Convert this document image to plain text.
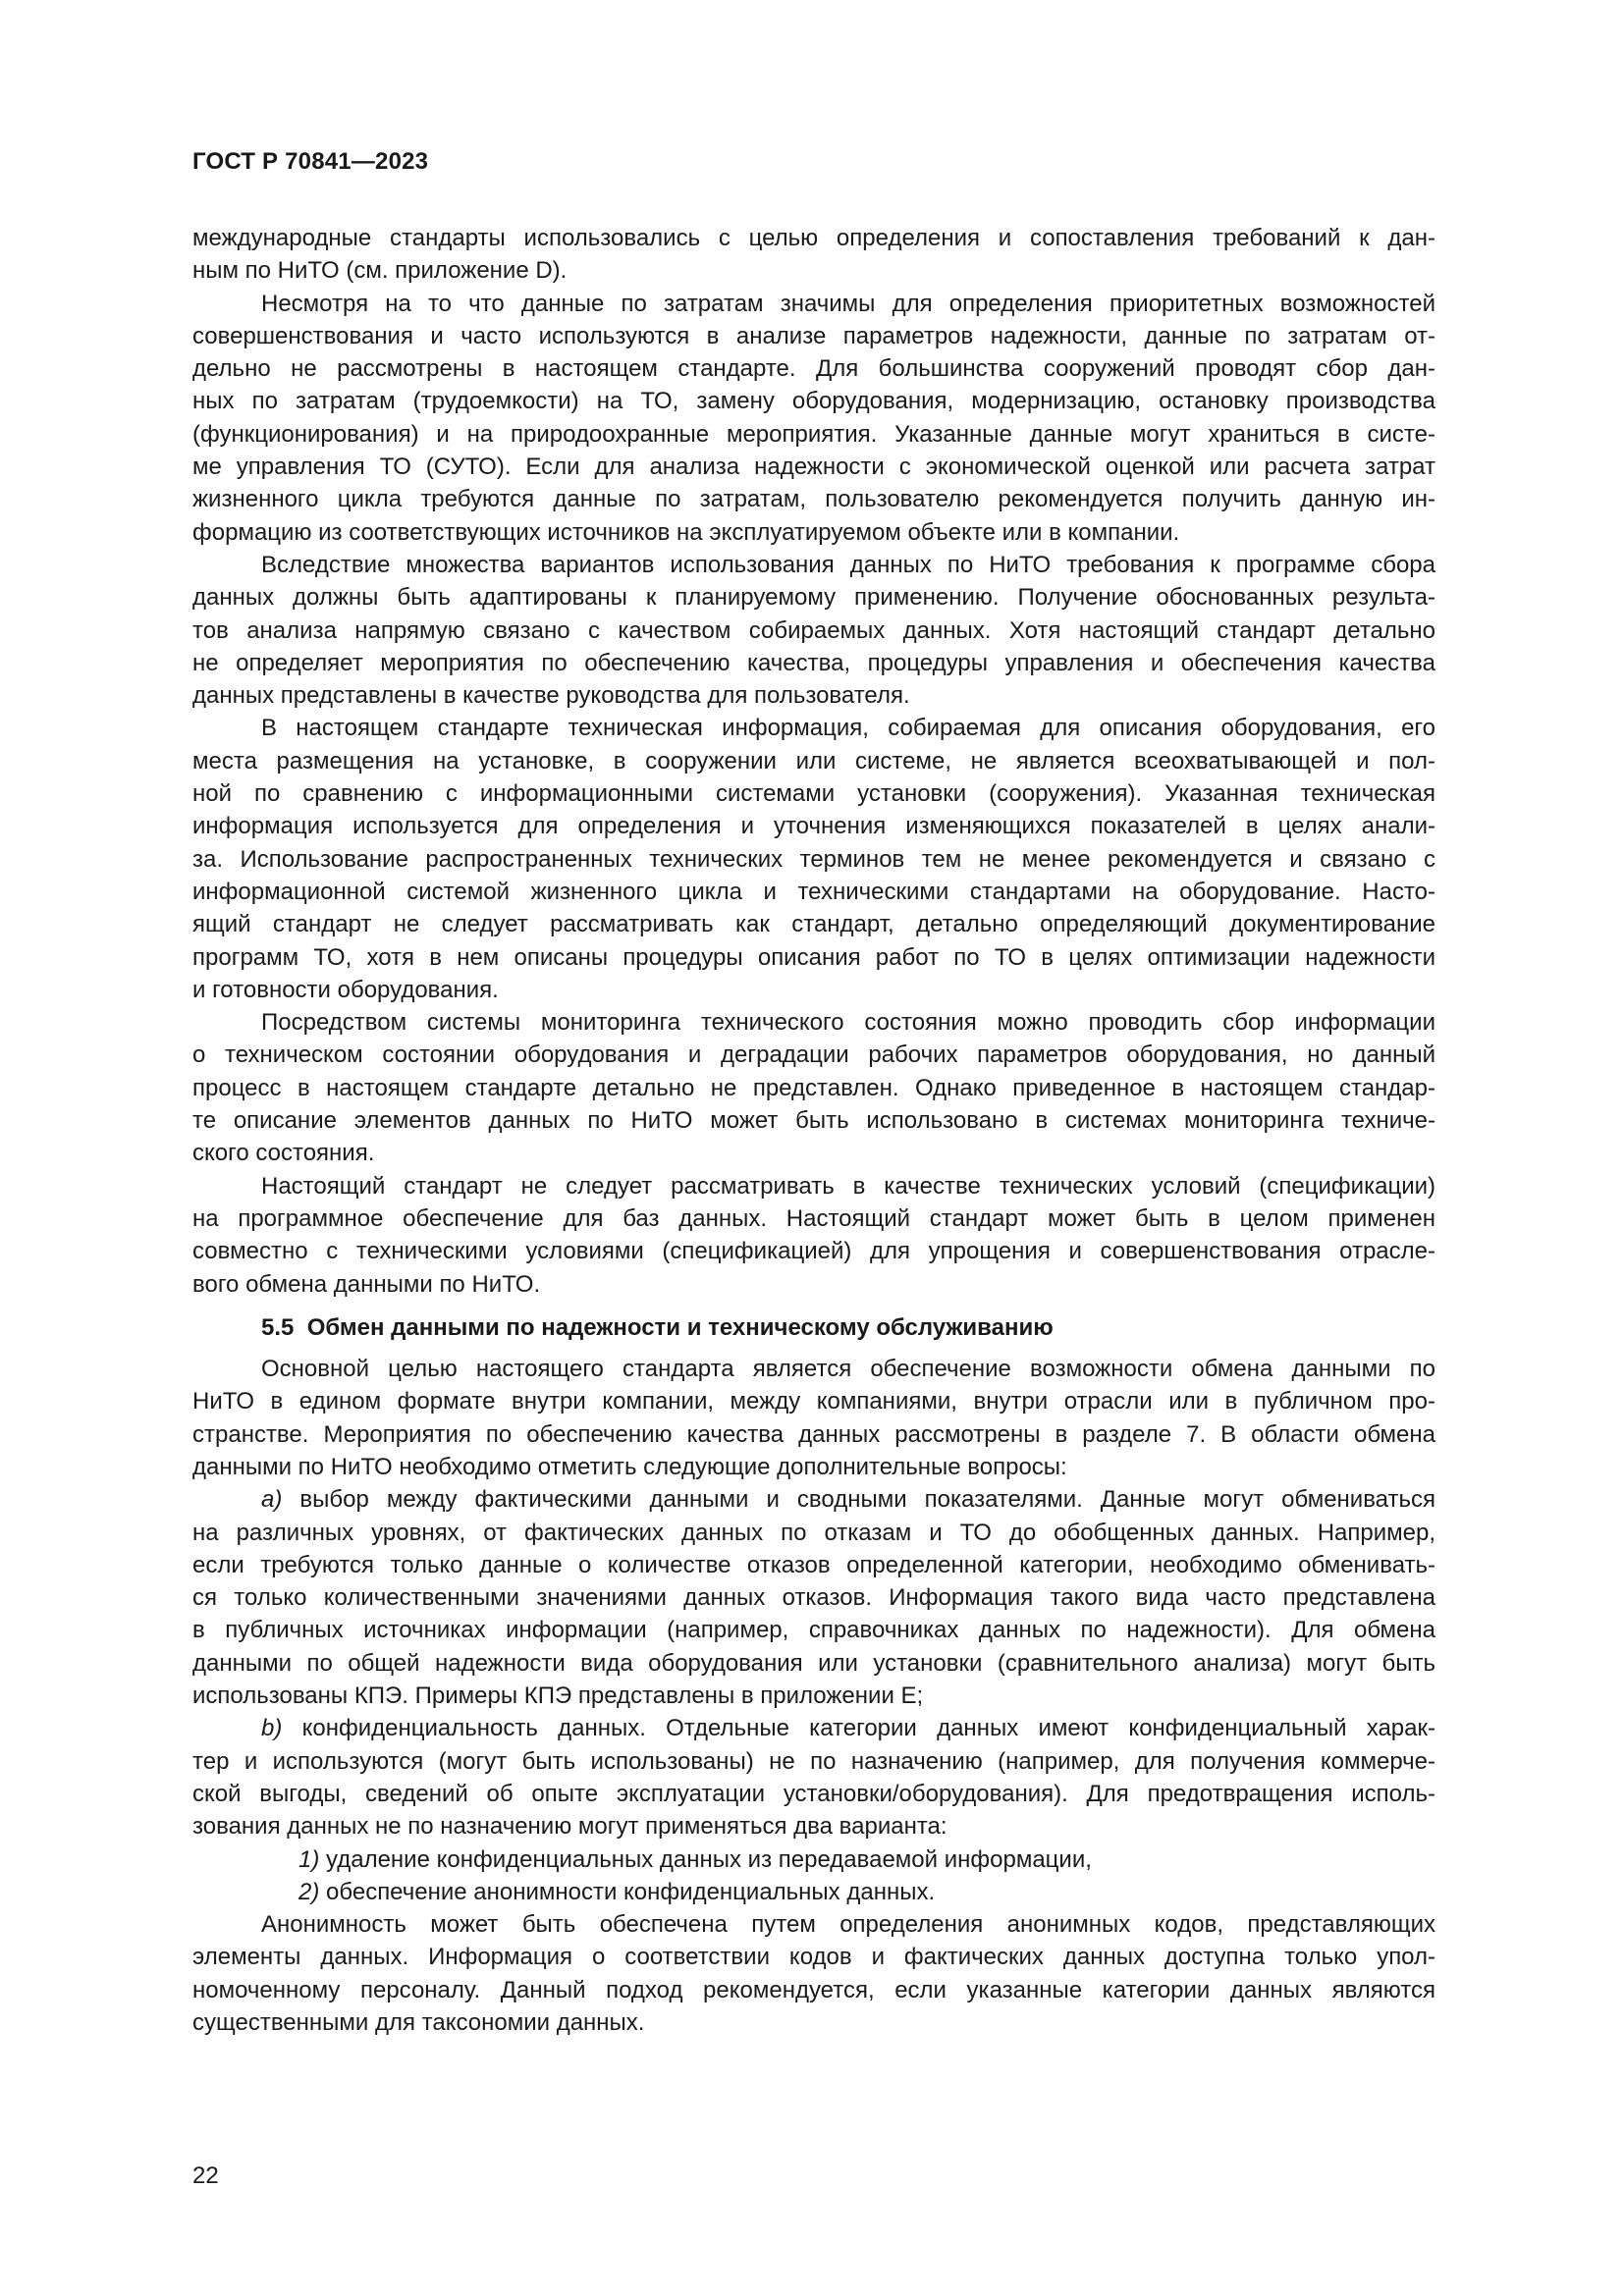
ГОСТ Р 70841—2023
международные стандарты использовались с целью определения и сопоставления требований к дан-
ным по НиТО (см. приложение D).
Несмотря на то что данные по затратам значимы для определения приоритетных возможностей
совершенствования и часто используются в анализе параметров надежности, данные по затратам от-
дельно не рассмотрены в настоящем стандарте. Для большинства сооружений проводят сбор дан-
ных по затратам (трудоемкости) на ТО, замену оборудования, модернизацию, остановку производства
(функционирования) и на природоохранные мероприятия. Указанные данные могут храниться в систе-
ме управления ТО (СУТО). Если для анализа надежности с экономической оценкой или расчета затрат
жизненного цикла требуются данные по затратам, пользователю рекомендуется получить данную ин-
формацию из соответствующих источников на эксплуатируемом объекте или в компании.
Вследствие множества вариантов использования данных по НиТО требования к программе сбора
данных должны быть адаптированы к планируемому применению. Получение обоснованных результа-
тов анализа напрямую связано с качеством собираемых данных. Хотя настоящий стандарт детально
не определяет мероприятия по обеспечению качества, процедуры управления и обеспечения качества
данных представлены в качестве руководства для пользователя.
В настоящем стандарте техническая информация, собираемая для описания оборудования, его
места размещения на установке, в сооружении или системе, не является всеохватывающей и пол-
ной по сравнению с информационными системами установки (сооружения). Указанная техническая
информация используется для определения и уточнения изменяющихся показателей в целях анали-
за. Использование распространенных технических терминов тем не менее рекомендуется и связано с
информационной системой жизненного цикла и техническими стандартами на оборудование. Насто-
ящий стандарт не следует рассматривать как стандарт, детально определяющий документирование
программ ТО, хотя в нем описаны процедуры описания работ по ТО в целях оптимизации надежности
и готовности оборудования.
Посредством системы мониторинга технического состояния можно проводить сбор информации
о техническом состоянии оборудования и деградации рабочих параметров оборудования, но данный
процесс в настоящем стандарте детально не представлен. Однако приведенное в настоящем стандар-
те описание элементов данных по НиТО может быть использовано в системах мониторинга техниче-
ского состояния.
Настоящий стандарт не следует рассматривать в качестве технических условий (спецификации)
на программное обеспечение для баз данных. Настоящий стандарт может быть в целом применен
совместно с техническими условиями (спецификацией) для упрощения и совершенствования отрасле-
вого обмена данными по НиТО.
5.5 Обмен данными по надежности и техническому обслуживанию
Основной целью настоящего стандарта является обеспечение возможности обмена данными по
НиТО в едином формате внутри компании, между компаниями, внутри отрасли или в публичном про-
странстве. Мероприятия по обеспечению качества данных рассмотрены в разделе 7. В области обмена
данными по НиТО необходимо отметить следующие дополнительные вопросы:
a) выбор между фактическими данными и сводными показателями. Данные могут обмениваться
на различных уровнях, от фактических данных по отказам и ТО до обобщенных данных. Например,
если требуются только данные о количестве отказов определенной категории, необходимо обменивать-
ся только количественными значениями данных отказов. Информация такого вида часто представлена
в публичных источниках информации (например, справочниках данных по надежности). Для обмена
данными по общей надежности вида оборудования или установки (сравнительного анализа) могут быть
использованы КПЭ. Примеры КПЭ представлены в приложении Е;
b) конфиденциальность данных. Отдельные категории данных имеют конфиденциальный харак-
тер и используются (могут быть использованы) не по назначению (например, для получения коммерче-
ской выгоды, сведений об опыте эксплуатации установки/оборудования). Для предотвращения исполь-
зования данных не по назначению могут применяться два варианта:
1) удаление конфиденциальных данных из передаваемой информации,
2) обеспечение анонимности конфиденциальных данных.
Анонимность может быть обеспечена путем определения анонимных кодов, представляющих
элементы данных. Информация о соответствии кодов и фактических данных доступна только упол-
номоченному персоналу. Данный подход рекомендуется, если указанные категории данных являются
существенными для таксономии данных.
22
